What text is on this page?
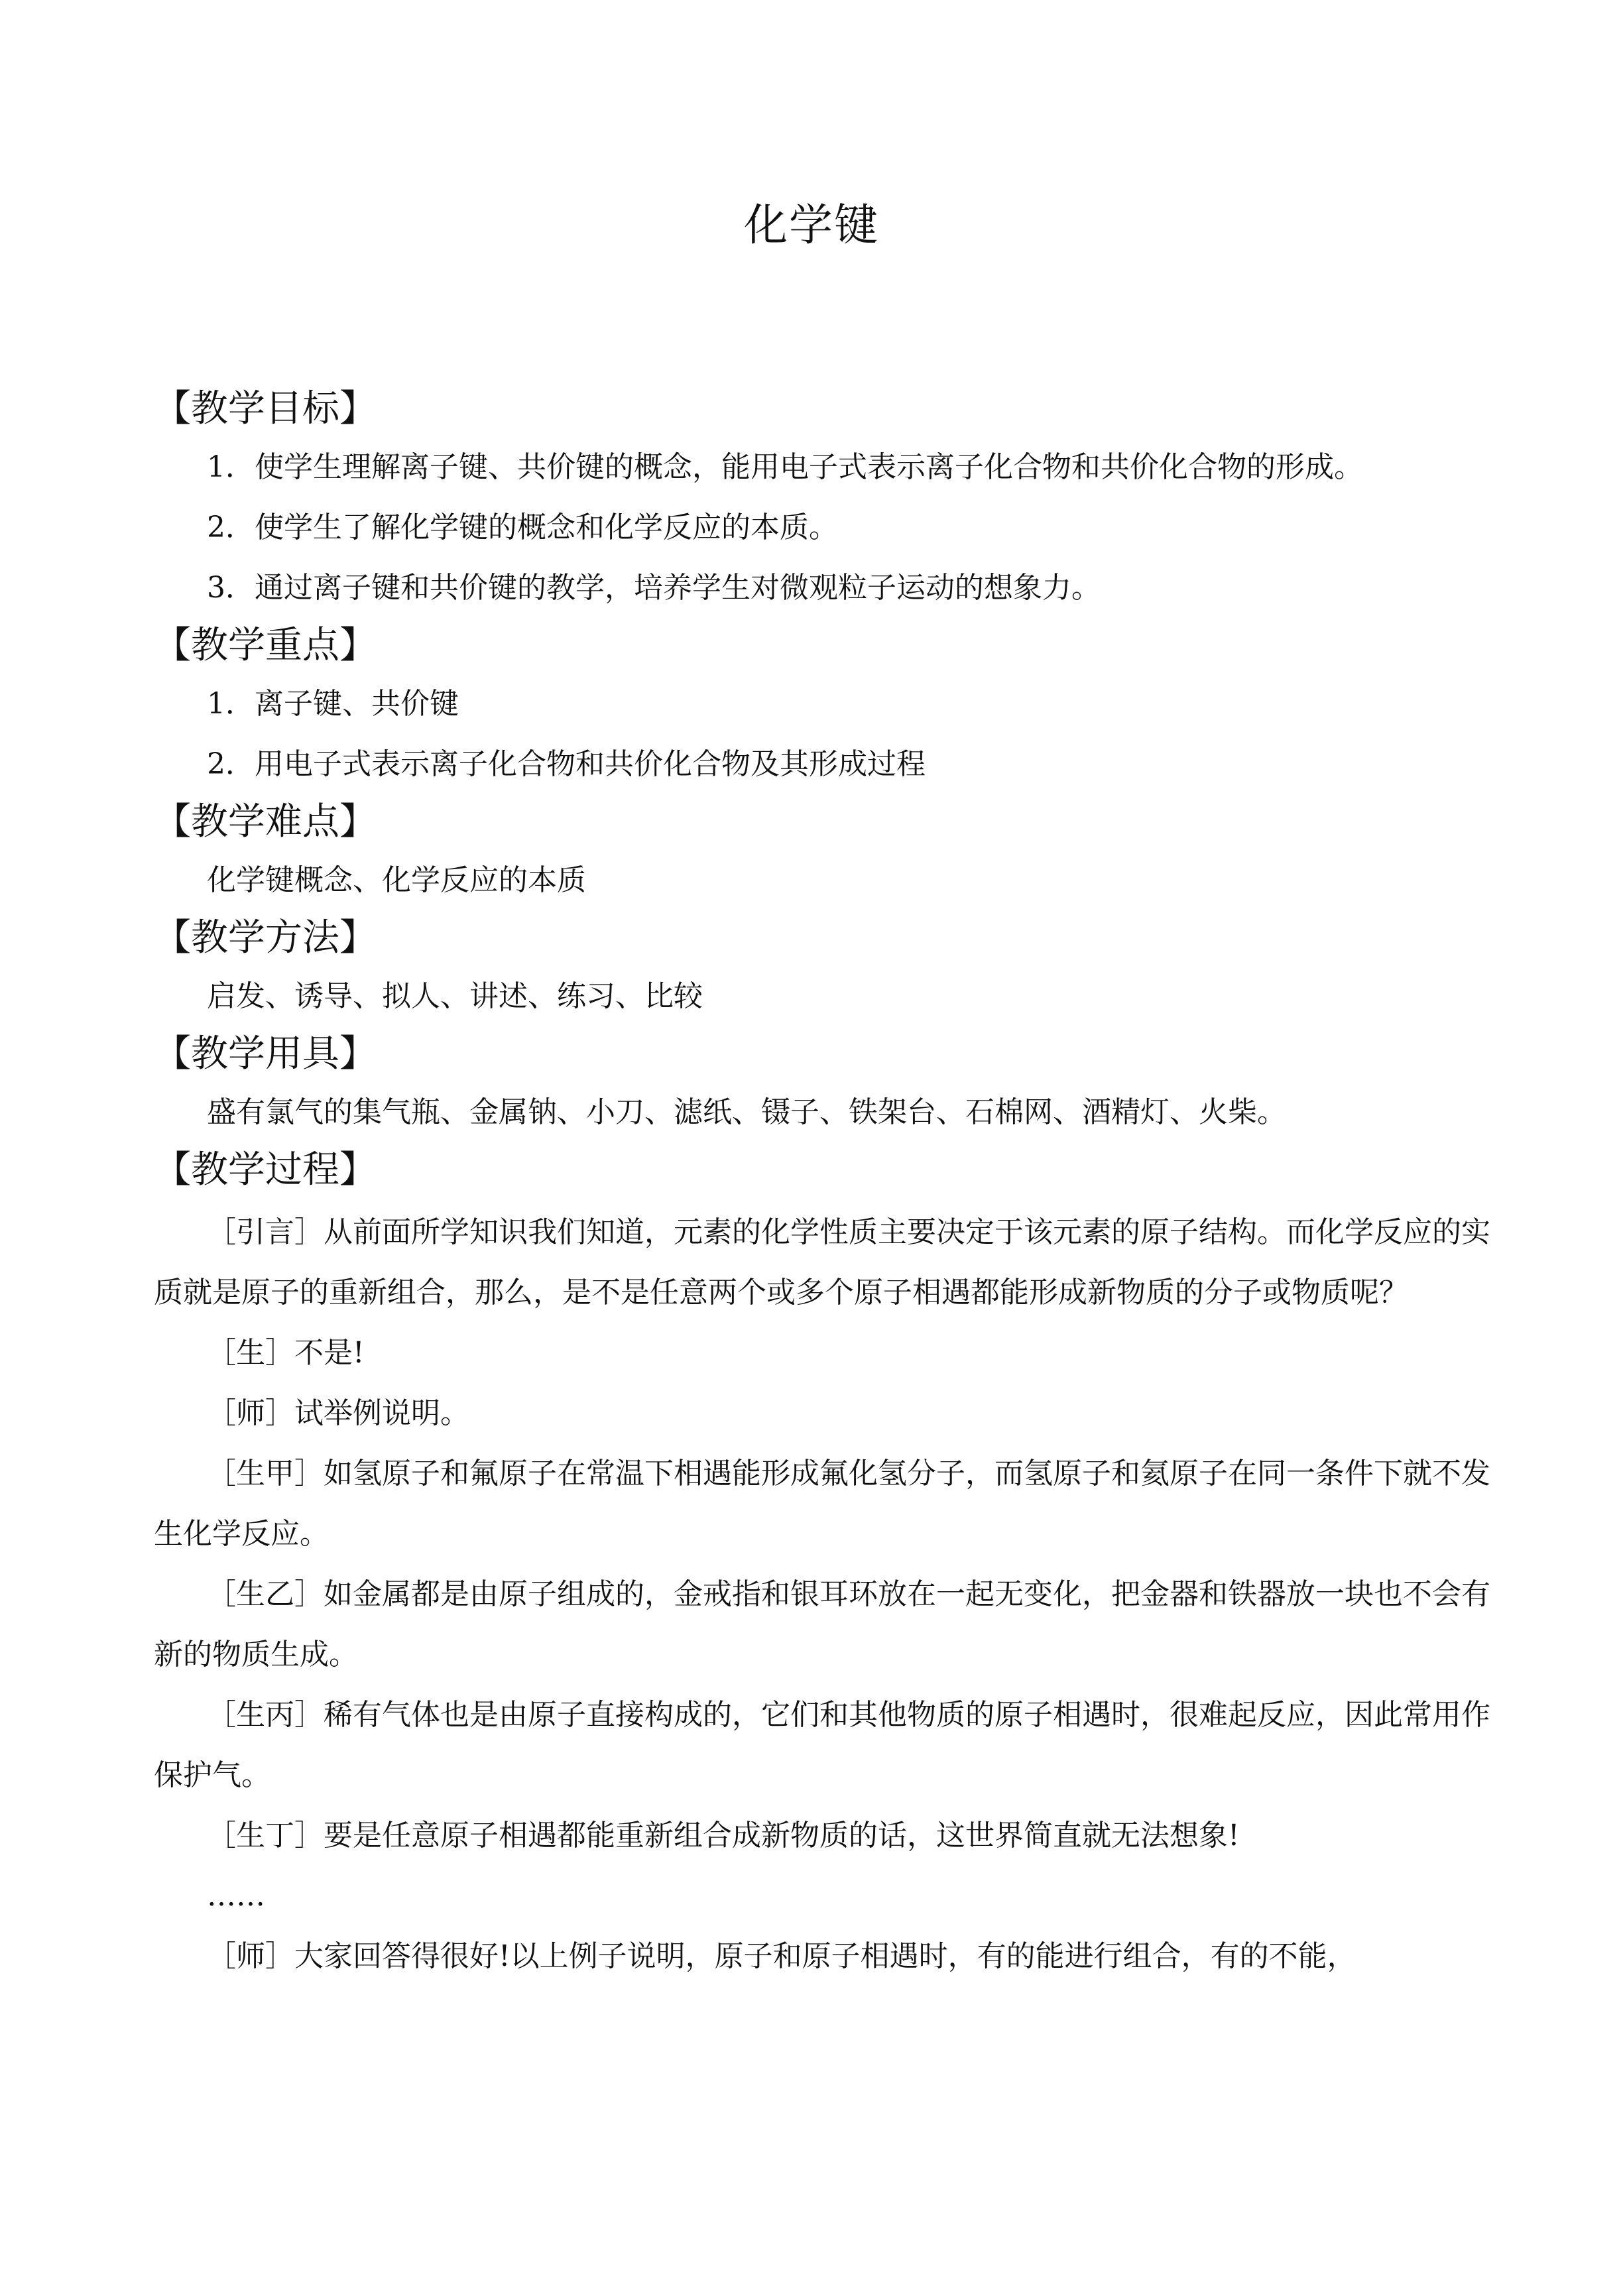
化学键
【教学目标】
1．使学生理解离子键、共价键的概念，能用电子式表示离子化合物和共价化合物的形成。
2．使学生了解化学键的概念和化学反应的本质。
3．通过离子键和共价键的教学，培养学生对微观粒子运动的想象力。
【教学重点】
1．离子键、共价键
2．用电子式表示离子化合物和共价化合物及其形成过程
【教学难点】
化学键概念、化学反应的本质
【教学方法】
启发、诱导、拟人、讲述、练习、比较
【教学用具】
盛有氯气的集气瓶、金属钠、小刀、滤纸、镊子、铁架台、石棉网、酒精灯、火柴。
【教学过程】
［引言］从前面所学知识我们知道，元素的化学性质主要决定于该元素的原子结构。而化学反应的实质就是原子的重新组合，那么，是不是任意两个或多个原子相遇都能形成新物质的分子或物质呢？
［生］不是!
［师］试举例说明。
［生甲］如氢原子和氟原子在常温下相遇能形成氟化氢分子，而氢原子和氦原子在同一条件下就不发生化学反应。
［生乙］如金属都是由原子组成的，金戒指和银耳环放在一起无变化，把金器和铁器放一块也不会有新的物质生成。
［生丙］稀有气体也是由原子直接构成的，它们和其他物质的原子相遇时，很难起反应，因此常用作保护气。
［生丁］要是任意原子相遇都能重新组合成新物质的话，这世界简直就无法想象!
……
［师］大家回答得很好!以上例子说明，原子和原子相遇时，有的能进行组合，有的不能，
